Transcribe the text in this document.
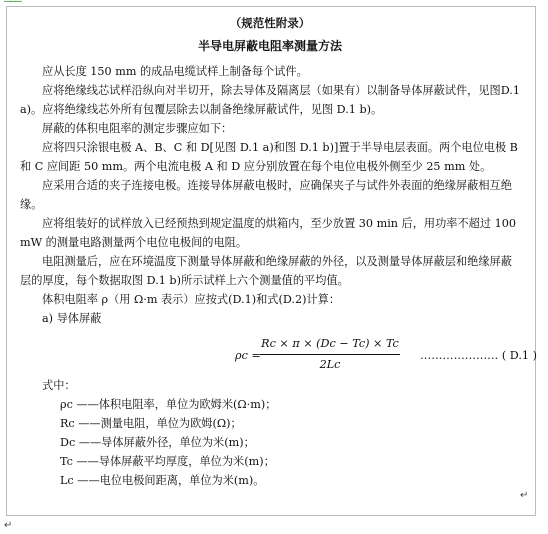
———
（规范性附录）
半导电屏蔽电阻率测量方法

应从长度 150 mm 的成品电缆试样上制备每个试件。

应将绝缘线芯试样沿纵向对半切开，除去导体及隔离层（如果有）以制备导体屏蔽试件，见图D.1 a)。应将绝缘线芯外所有包覆层除去以制备绝缘屏蔽试件，见图 D.1 b)。

屏蔽的体积电阻率的测定步骤应如下：

应将四只涂银电极 A、B、C 和 D[见图 D.1 a)和图 D.1 b)]置于半导电层表面。两个电位电极 B 和 C 应间距 50 mm。两个电流电极 A 和 D 应分别放置在每个电位电极外侧至少 25 mm 处。

应采用合适的夹子连接电极。连接导体屏蔽电极时，应确保夹子与试件外表面的绝缘屏蔽相互绝缘。

应将组装好的试样放入已经预热到规定温度的烘箱内，至少放置 30 min 后，用功率不超过 100 mW 的测量电路测量两个电位电极间的电阻。

电阻测量后，应在环境温度下测量导体屏蔽和绝缘屏蔽的外径，以及测量导体屏蔽层和绝缘屏蔽层的厚度，每个数据取图 D.1 b)所示试样上六个测量值的平均值。

体积电阻率 ρ（用 Ω·m 表示）应按式(D.1)和式(D.2)计算：

a) 导体屏蔽

$\rho c = \frac{Rc \times \pi \times (Dc - Tc) \times Tc}{2Lc}$ ………………… ( D.1 )

式中：

ρc ——体积电阻率，单位为欧姆米(Ω·m)；

Rc ——测量电阻，单位为欧姆(Ω)；

Dc ——导体屏蔽外径，单位为米(m)；

Tc ——导体屏蔽平均厚度，单位为米(m)；

Lc ——电位电极间距离，单位为米(m)。

↵
↵
